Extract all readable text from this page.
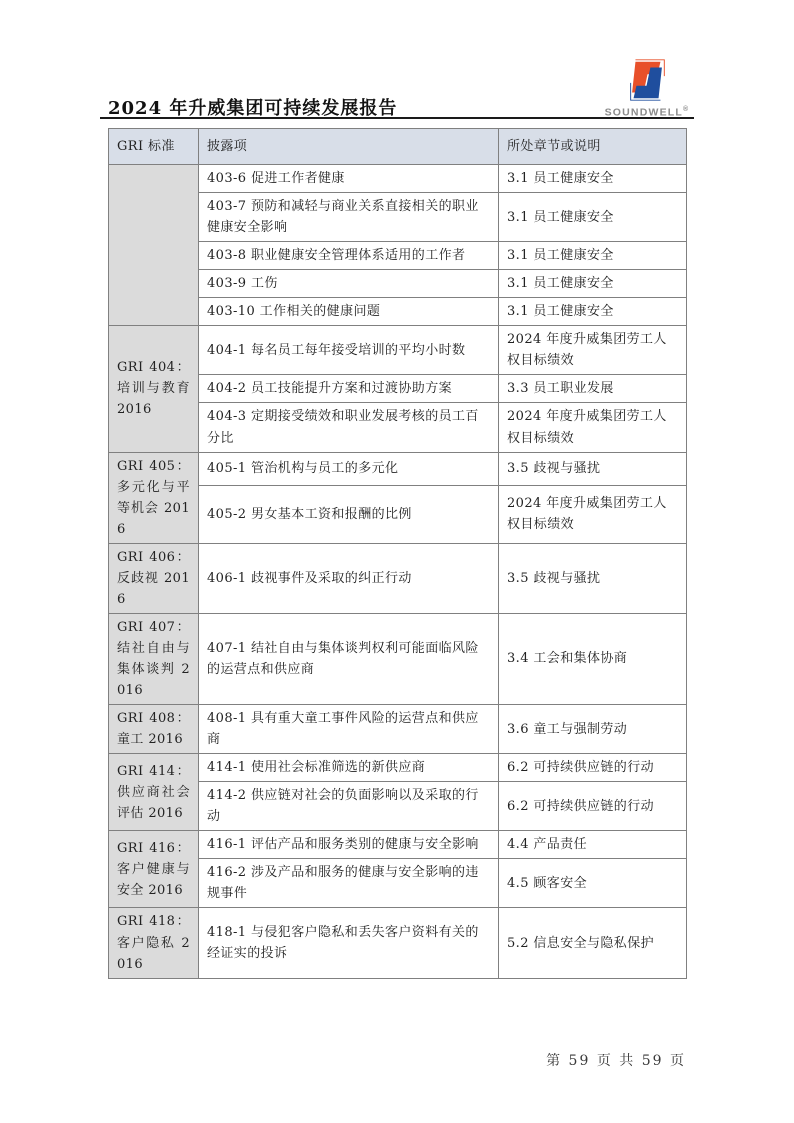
2024 年升威集团可持续发展报告	SOUNDWELL®
GRI 标准	披露项	所处章节或说明
	403-6 促进工作者健康	3.1 员工健康安全
	403-7 预防和减轻与商业关系直接相关的职业健康安全影响	3.1 员工健康安全
	403-8 职业健康安全管理体系适用的工作者	3.1 员工健康安全
	403-9 工伤	3.1 员工健康安全
	403-10 工作相关的健康问题	3.1 员工健康安全
GRI 404：培训与教育 2016	404-1 每名员工每年接受培训的平均小时数	2024 年度升威集团劳工人权目标绩效
	404-2 员工技能提升方案和过渡协助方案	3.3 员工职业发展
	404-3 定期接受绩效和职业发展考核的员工百分比	2024 年度升威集团劳工人权目标绩效
GRI 405：多元化与平等机会 2016	405-1 管治机构与员工的多元化	3.5 歧视与骚扰
	405-2 男女基本工资和报酬的比例	2024 年度升威集团劳工人权目标绩效
GRI 406：反歧视 2016	406-1 歧视事件及采取的纠正行动	3.5 歧视与骚扰
GRI 407：结社自由与集体谈判 2016	407-1 结社自由与集体谈判权利可能面临风险的运营点和供应商	3.4 工会和集体协商
GRI 408：童工 2016	408-1 具有重大童工事件风险的运营点和供应商	3.6 童工与强制劳动
GRI 414：供应商社会评估 2016	414-1 使用社会标准筛选的新供应商	6.2 可持续供应链的行动
	414-2 供应链对社会的负面影响以及采取的行动	6.2 可持续供应链的行动
GRI 416：客户健康与安全 2016	416-1 评估产品和服务类别的健康与安全影响	4.4 产品责任
	416-2 涉及产品和服务的健康与安全影响的违规事件	4.5 顾客安全
GRI 418：客户隐私 2016	418-1 与侵犯客户隐私和丢失客户资料有关的经证实的投诉	5.2 信息安全与隐私保护
第 59 页 共 59 页
